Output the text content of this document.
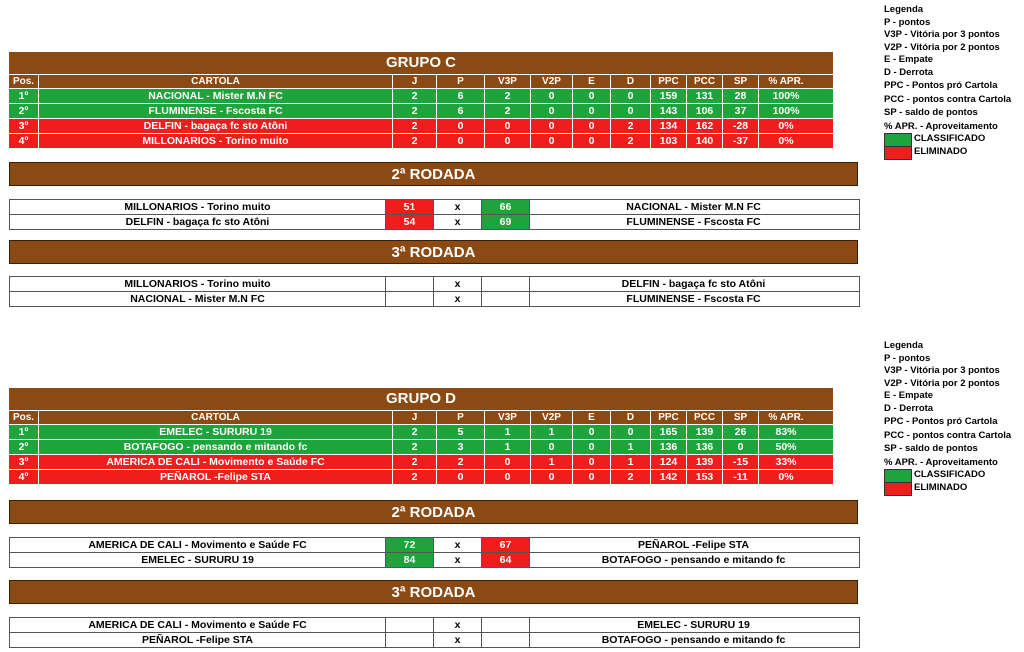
GRUPO C
Pos.	CARTOLA	J	P	V3P	V2P	E	D	PPC	PCC	SP	% APR.
1º	NACIONAL - Mister M.N FC	2	6	2	0	0	0	159	131	28	100%
2º	FLUMINENSE - Fscosta FC	2	6	2	0	0	0	143	106	37	100%
3º	DELFIN - bagaça fc sto Atôni	2	0	0	0	0	2	134	162	-28	0%
4º	MILLONARIOS - Torino muito	2	0	0	0	0	2	103	140	-37	0%
2ª RODADA
MILLONARIOS - Torino muito	51	x	66	NACIONAL - Mister M.N FC
DELFIN - bagaça fc sto Atôni	54	x	69	FLUMINENSE - Fscosta FC
3ª RODADA
MILLONARIOS - Torino muito	x	DELFIN - bagaça fc sto Atôni
NACIONAL - Mister M.N FC	x	FLUMINENSE - Fscosta FC
Legenda
P - pontos
V3P - Vitória por 3 pontos
V2P - Vitória por 2 pontos
E - Empate
D - Derrota
PPC - Pontos pró Cartola
PCC - pontos contra Cartola
SP - saldo de pontos
% APR. - Aproveitamento
CLASSIFICADO
ELIMINADO
GRUPO D
Pos.	CARTOLA	J	P	V3P	V2P	E	D	PPC	PCC	SP	% APR.
1º	EMELEC - SURURU 19	2	5	1	1	0	0	165	139	26	83%
2º	BOTAFOGO - pensando e mitando fc	2	3	1	0	0	1	136	136	0	50%
3º	AMERICA DE CALI - Movimento e Saúde FC	2	2	0	1	0	1	124	139	-15	33%
4º	PEÑAROL -Felipe STA	2	0	0	0	0	2	142	153	-11	0%
2ª RODADA
AMERICA DE CALI - Movimento e Saúde FC	72	x	67	PEÑAROL -Felipe STA
EMELEC - SURURU 19	84	x	64	BOTAFOGO - pensando e mitando fc
3ª RODADA
AMERICA DE CALI - Movimento e Saúde FC	x	EMELEC - SURURU 19
PEÑAROL -Felipe STA	x	BOTAFOGO - pensando e mitando fc
Legenda
P - pontos
V3P - Vitória por 3 pontos
V2P - Vitória por 2 pontos
E - Empate
D - Derrota
PPC - Pontos pró Cartola
PCC - pontos contra Cartola
SP - saldo de pontos
% APR. - Aproveitamento
CLASSIFICADO
ELIMINADO
